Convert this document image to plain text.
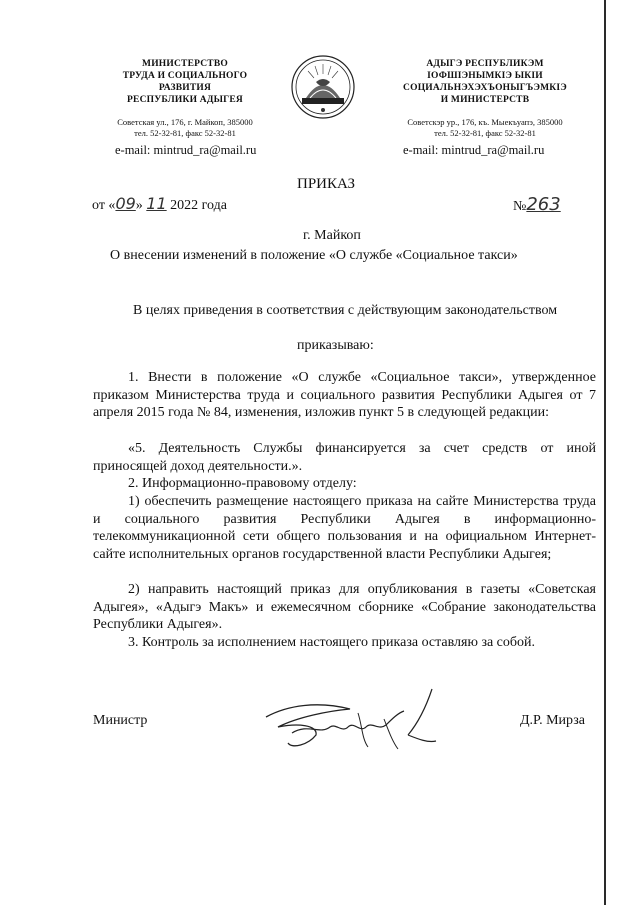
МИНИСТЕРСТВО
ТРУДА И СОЦИАЛЬНОГО
РАЗВИТИЯ
РЕСПУБЛИКИ АДЫГЕЯ
Советская ул., 176, г. Майкоп, 385000
тел. 52-32-81, факс 52-32-81
e-mail: mintrud_ra@mail.ru
АДЫГЭ РЕСПУБЛИКЭМ
IОФШIЭНЫМКIЭ ЫКIИ
СОЦИАЛЬНЭХЭХЪОНЫГЪЭМКIЭ
И МИНИСТЕРСТВ
Советскэр ур., 176, къ. Мыекъуапэ, 385000
тел. 52-32-81, факс 52-32-81
e-mail: mintrud_ra@mail.ru
ПРИКАЗ
от «09» 11 2022 года	№263
г. Майкоп
О внесении изменений в положение «О службе «Социальное такси»
В целях приведения в соответствия с действующим законодательством
приказываю:

1. Внести в положение «О службе «Социальное такси», утвержденное приказом Министерства труда и социального развития Республики Адыгея от 7 апреля 2015 года № 84, изменения, изложив пункт 5 в следующей редакции:

«5. Деятельность Службы финансируется за счет средств от иной приносящей доход деятельности.».

2. Информационно-правовому отделу:

1) обеспечить размещение настоящего приказа на сайте Министерства труда и социального развития Республики Адыгея в информационно-телекоммуникационной сети общего пользования и на официальном Интернет-сайте исполнительных органов государственной власти Республики Адыгея;

2) направить настоящий приказ для опубликования в газеты «Советская Адыгея», «Адыгэ Макъ» и ежемесячном сборнике «Собрание законодательства Республики Адыгея».

3. Контроль за исполнением настоящего приказа оставляю за собой.

Министр	Д.Р. Мирза
